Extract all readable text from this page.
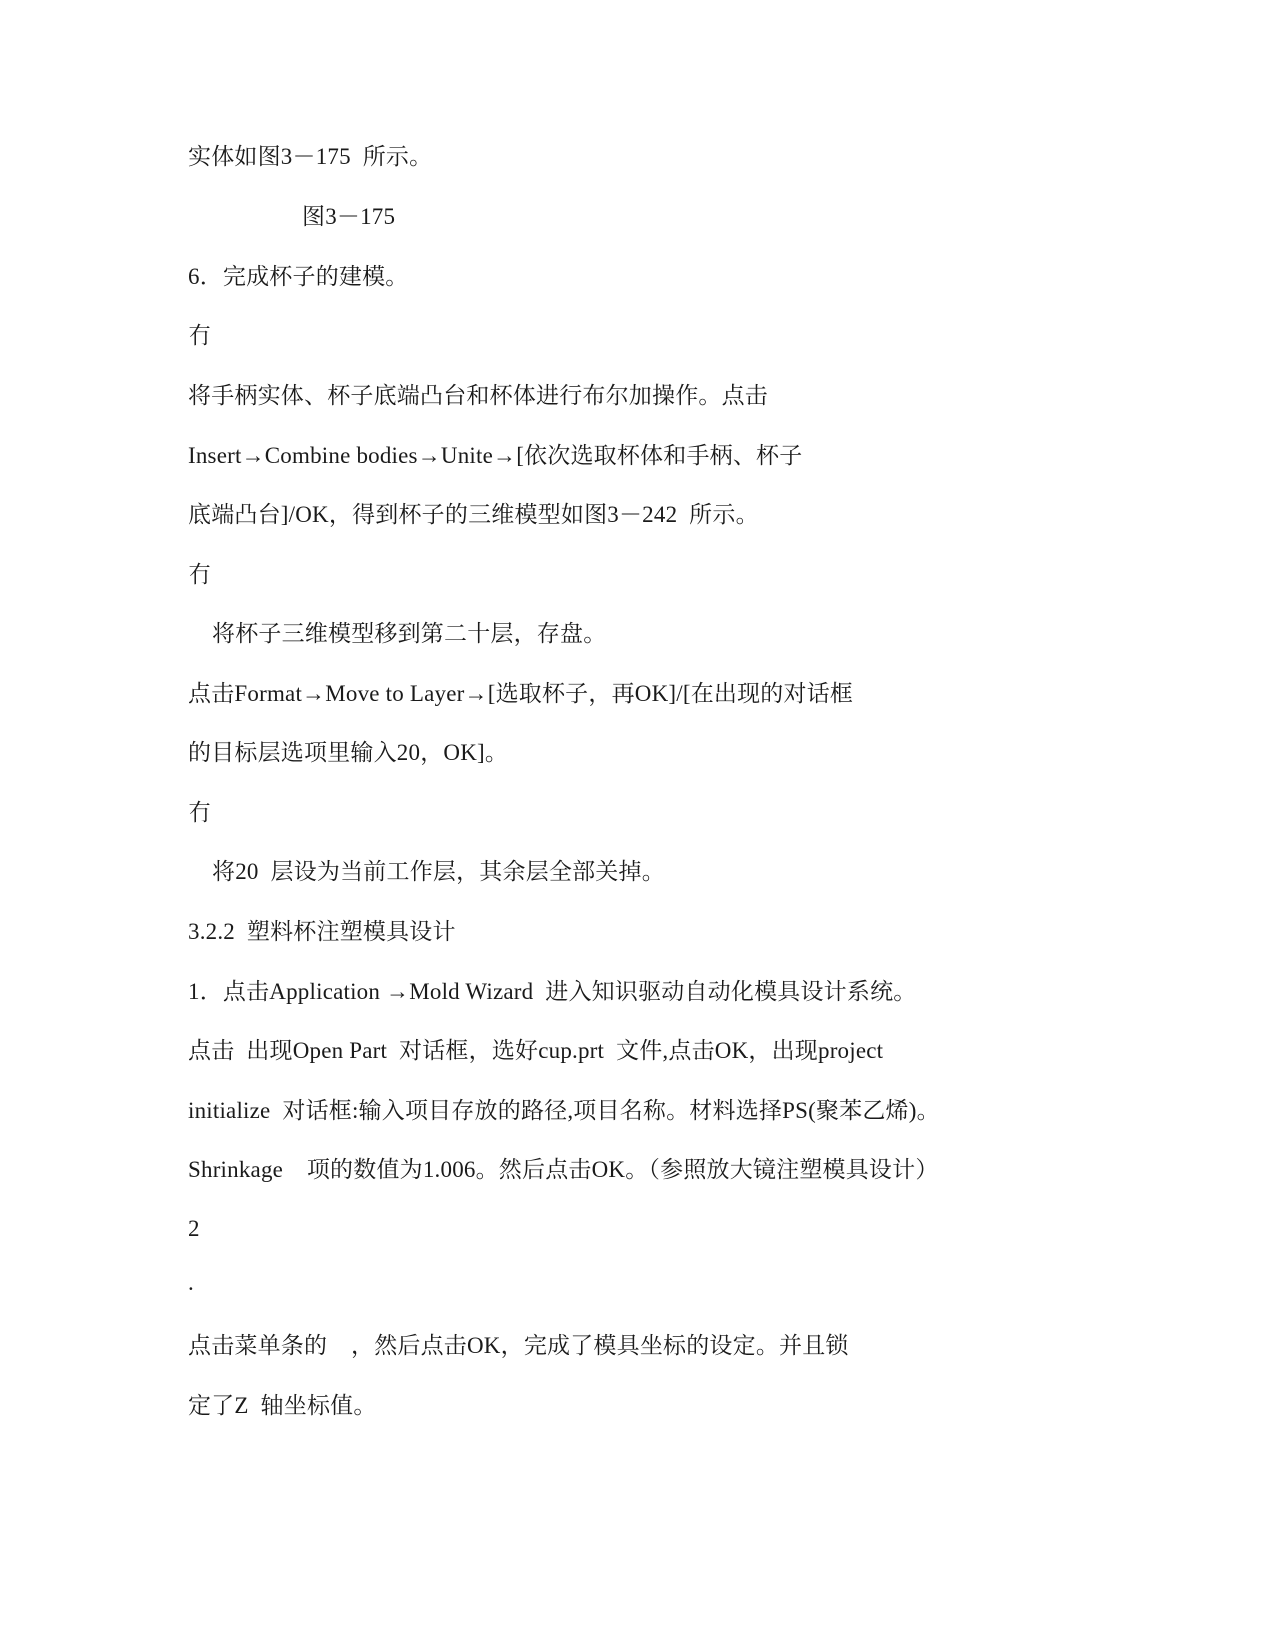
实体如图3－175  所示。
图3－175
6．完成杯子的建模。
冇
将手柄实体、杯子底端凸台和杯体进行布尔加操作。点击
Insert→Combine bodies→Unite→[依次选取杯体和手柄、杯子
底端凸台]/OK，得到杯子的三维模型如图3－242  所示。
冇
将杯子三维模型移到第二十层，存盘。
点击Format→Move to Layer→[选取杯子，再OK]/[在出现的对话框
的目标层选项里输入20，OK]。
冇
将20  层设为当前工作层，其余层全部关掉。
3.2.2  塑料杯注塑模具设计
1．点击Application →Mold Wizard  进入知识驱动自动化模具设计系统。
点击  出现Open Part  对话框，选好cup.prt  文件,点击OK，出现project
initialize  对话框:输入项目存放的路径,项目名称。材料选择PS(聚苯乙烯)。
Shrinkage    项的数值为1.006。然后点击OK。（参照放大镜注塑模具设计）
2
.
点击菜单条的    ，然后点击OK，完成了模具坐标的设定。并且锁
定了Z  轴坐标值。
